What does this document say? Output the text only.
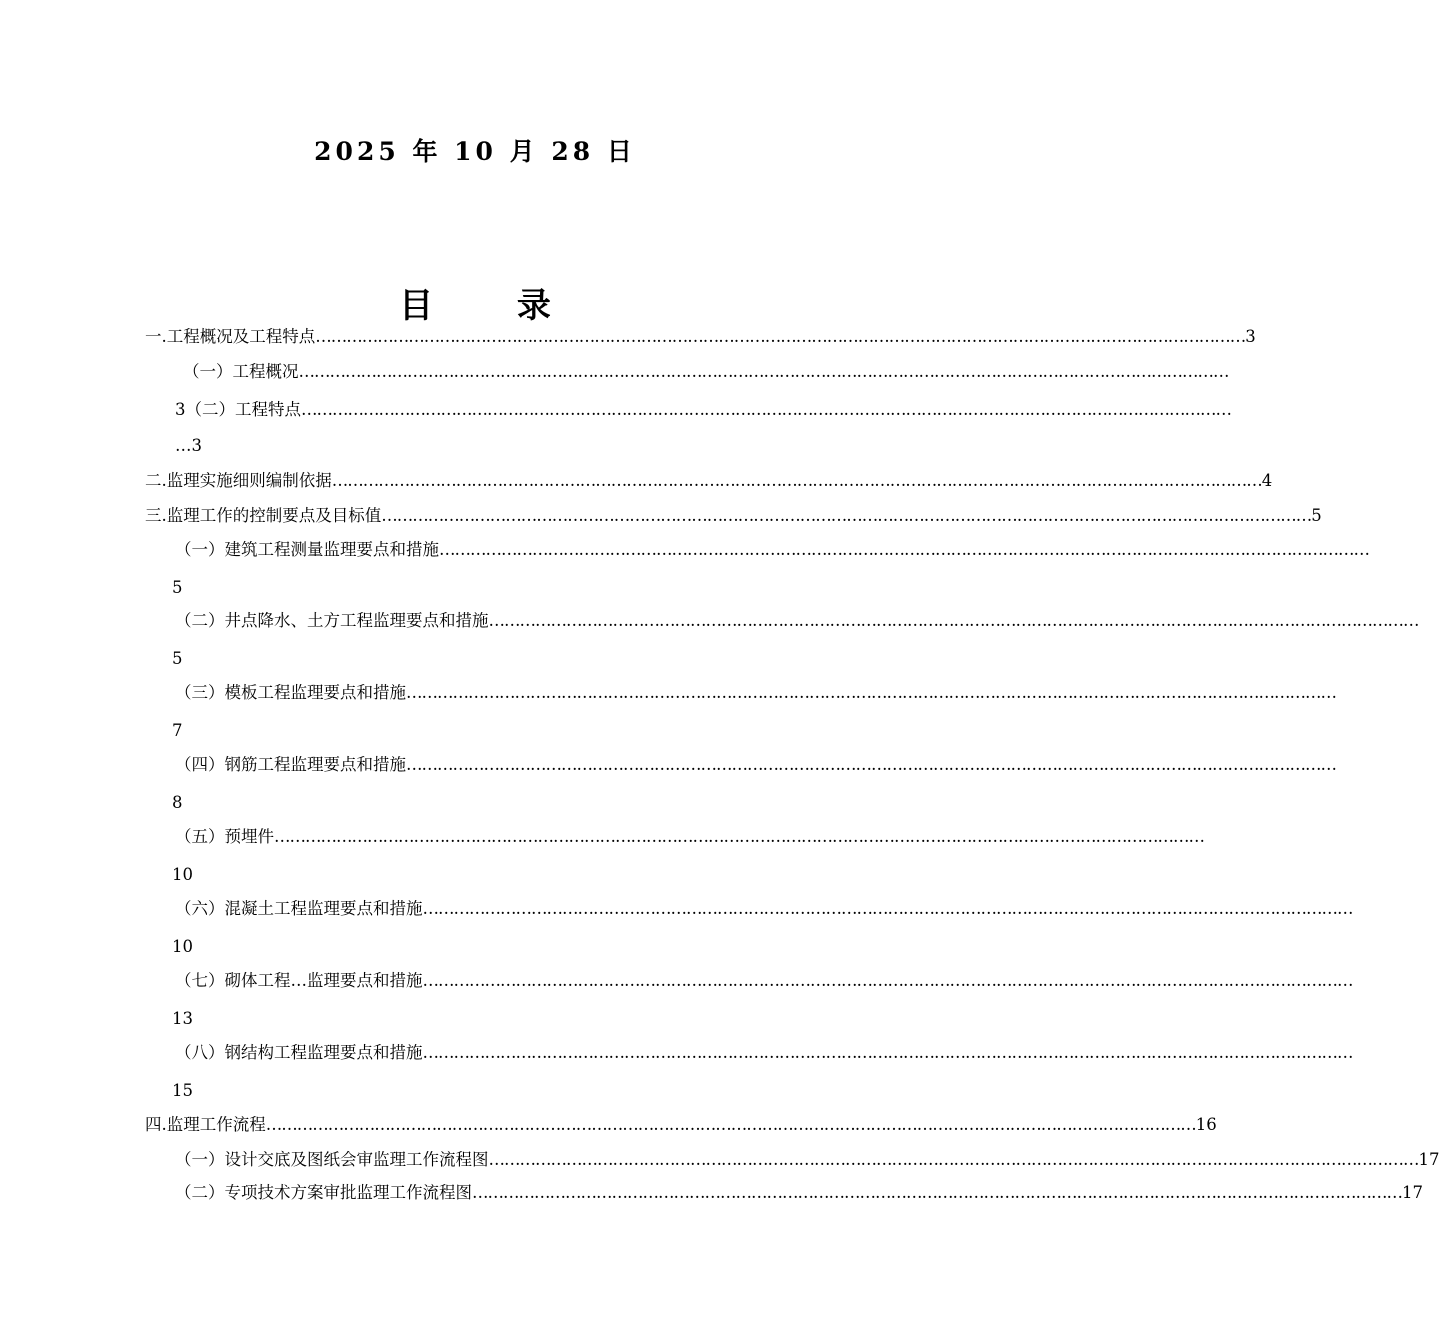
2025 年 10 月 28 日
目 录
一.工程概况及工程特点 ……………………………………………………………………………………………………………………………………………………………… 3
（一）工程概况 ………………………………………………………………………………………………………………………………………………………………
3（二）工程特点 ………………………………………………………………………………………………………………………………………………………………
…3
二.监理实施细则编制依据 ……………………………………………………………………………………………………………………………………………………………… 4
三.监理工作的控制要点及目标值 ……………………………………………………………………………………………………………………………………………………………… 5
（一）建筑工程测量监理要点和措施 ………………………………………………………………………………………………………………………………………………………………
5
（二）井点降水、土方工程监理要点和措施 ………………………………………………………………………………………………………………………………………………………………
5
（三）模板工程监理要点和措施 ………………………………………………………………………………………………………………………………………………………………
7
（四）钢筋工程监理要点和措施 ………………………………………………………………………………………………………………………………………………………………
8
（五）预埋件 ………………………………………………………………………………………………………………………………………………………………
10
（六）混凝土工程监理要点和措施 ………………………………………………………………………………………………………………………………………………………………
10
（七）砌体工程…监理要点和措施 ………………………………………………………………………………………………………………………………………………………………
13
（八）钢结构工程监理要点和措施 ………………………………………………………………………………………………………………………………………………………………
15
四.监理工作流程 ……………………………………………………………………………………………………………………………………………………………… 16
（一）设计交底及图纸会审监理工作流程图 ……………………………………………………………………………………………………………………………………………………………… 17
（二）专项技术方案审批监理工作流程图 ……………………………………………………………………………………………………………………………………………………………… 17
